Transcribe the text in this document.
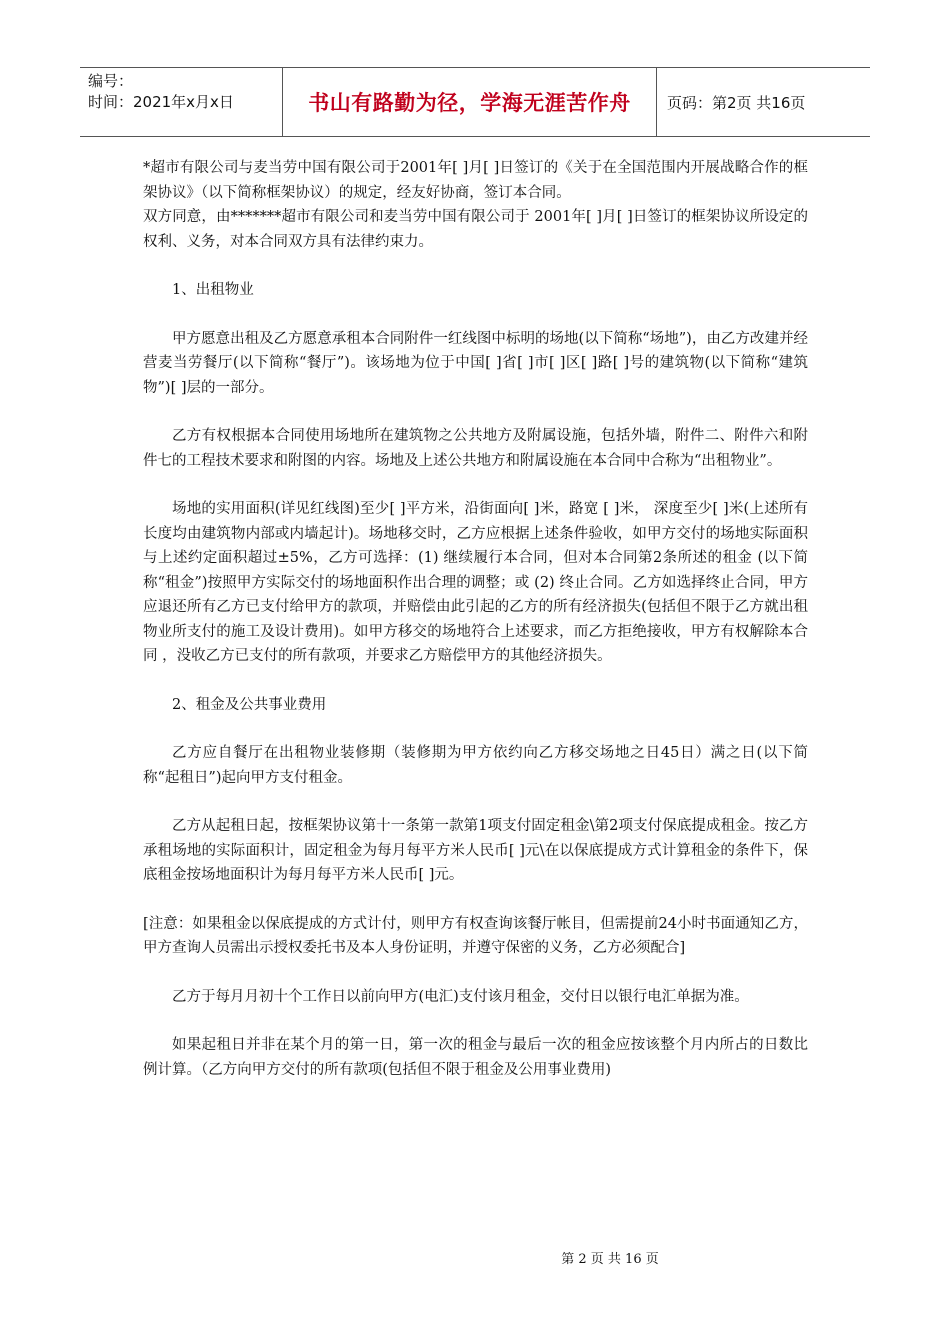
编号：
时间：2021年x月x日	书山有路勤为径，学海无涯苦作舟	页码：第2页 共16页

*超市有限公司与麦当劳中国有限公司于2001年[ ]月[ ]日签订的《关于在全国范围内开展战略合作的框架协议》（以下简称框架协议）的规定，经友好协商，签订本合同。

双方同意，由*******超市有限公司和麦当劳中国有限公司于 2001年[ ]月[ ]日签订的框架协议所设定的权利、义务，对本合同双方具有法律约束力。

1、出租物业

甲方愿意出租及乙方愿意承租本合同附件一红线图中标明的场地(以下简称“场地”)，由乙方改建并经营麦当劳餐厅(以下简称“餐厅”)。该场地为位于中国[ ]省[ ]市[ ]区[ ]路[ ]号的建筑物(以下简称“建筑物”)[ ]层的一部分。

乙方有权根据本合同使用场地所在建筑物之公共地方及附属设施，包括外墙，附件二、附件六和附件七的工程技术要求和附图的内容。场地及上述公共地方和附属设施在本合同中合称为“出租物业”。

场地的实用面积(详见红线图)至少[ ]平方米，沿街面向[ ]米，路宽 [ ]米， 深度至少[ ]米(上述所有长度均由建筑物内部或内墙起计)。场地移交时，乙方应根据上述条件验收，如甲方交付的场地实际面积与上述约定面积超过±5%，乙方可选择：(1) 继续履行本合同，但对本合同第2条所述的租金 (以下简称“租金”)按照甲方实际交付的场地面积作出合理的调整；或 (2) 终止合同。乙方如选择终止合同，甲方应退还所有乙方已支付给甲方的款项，并赔偿由此引起的乙方的所有经济损失(包括但不限于乙方就出租物业所支付的施工及设计费用)。如甲方移交的场地符合上述要求，而乙方拒绝接收，甲方有权解除本合同 ，没收乙方已支付的所有款项，并要求乙方赔偿甲方的其他经济损失。

2、租金及公共事业费用

乙方应自餐厅在出租物业装修期（装修期为甲方依约向乙方移交场地之日45日）满之日(以下简称“起租日”)起向甲方支付租金。

乙方从起租日起，按框架协议第十一条第一款第1项支付固定租金\第2项支付保底提成租金。按乙方承租场地的实际面积计，固定租金为每月每平方米人民币[ ]元\在以保底提成方式计算租金的条件下，保底租金按场地面积计为每月每平方米人民币[ ]元。

[注意：如果租金以保底提成的方式计付，则甲方有权查询该餐厅帐目，但需提前24小时书面通知乙方，甲方查询人员需出示授权委托书及本人身份证明，并遵守保密的义务，乙方必须配合]

乙方于每月月初十个工作日以前向甲方(电汇)支付该月租金，交付日以银行电汇单据为准。

如果起租日并非在某个月的第一日，第一次的租金与最后一次的租金应按该整个月内所占的日数比例计算。（乙方向甲方交付的所有款项(包括但不限于租金及公用事业费用)

第 2 页 共 16 页
